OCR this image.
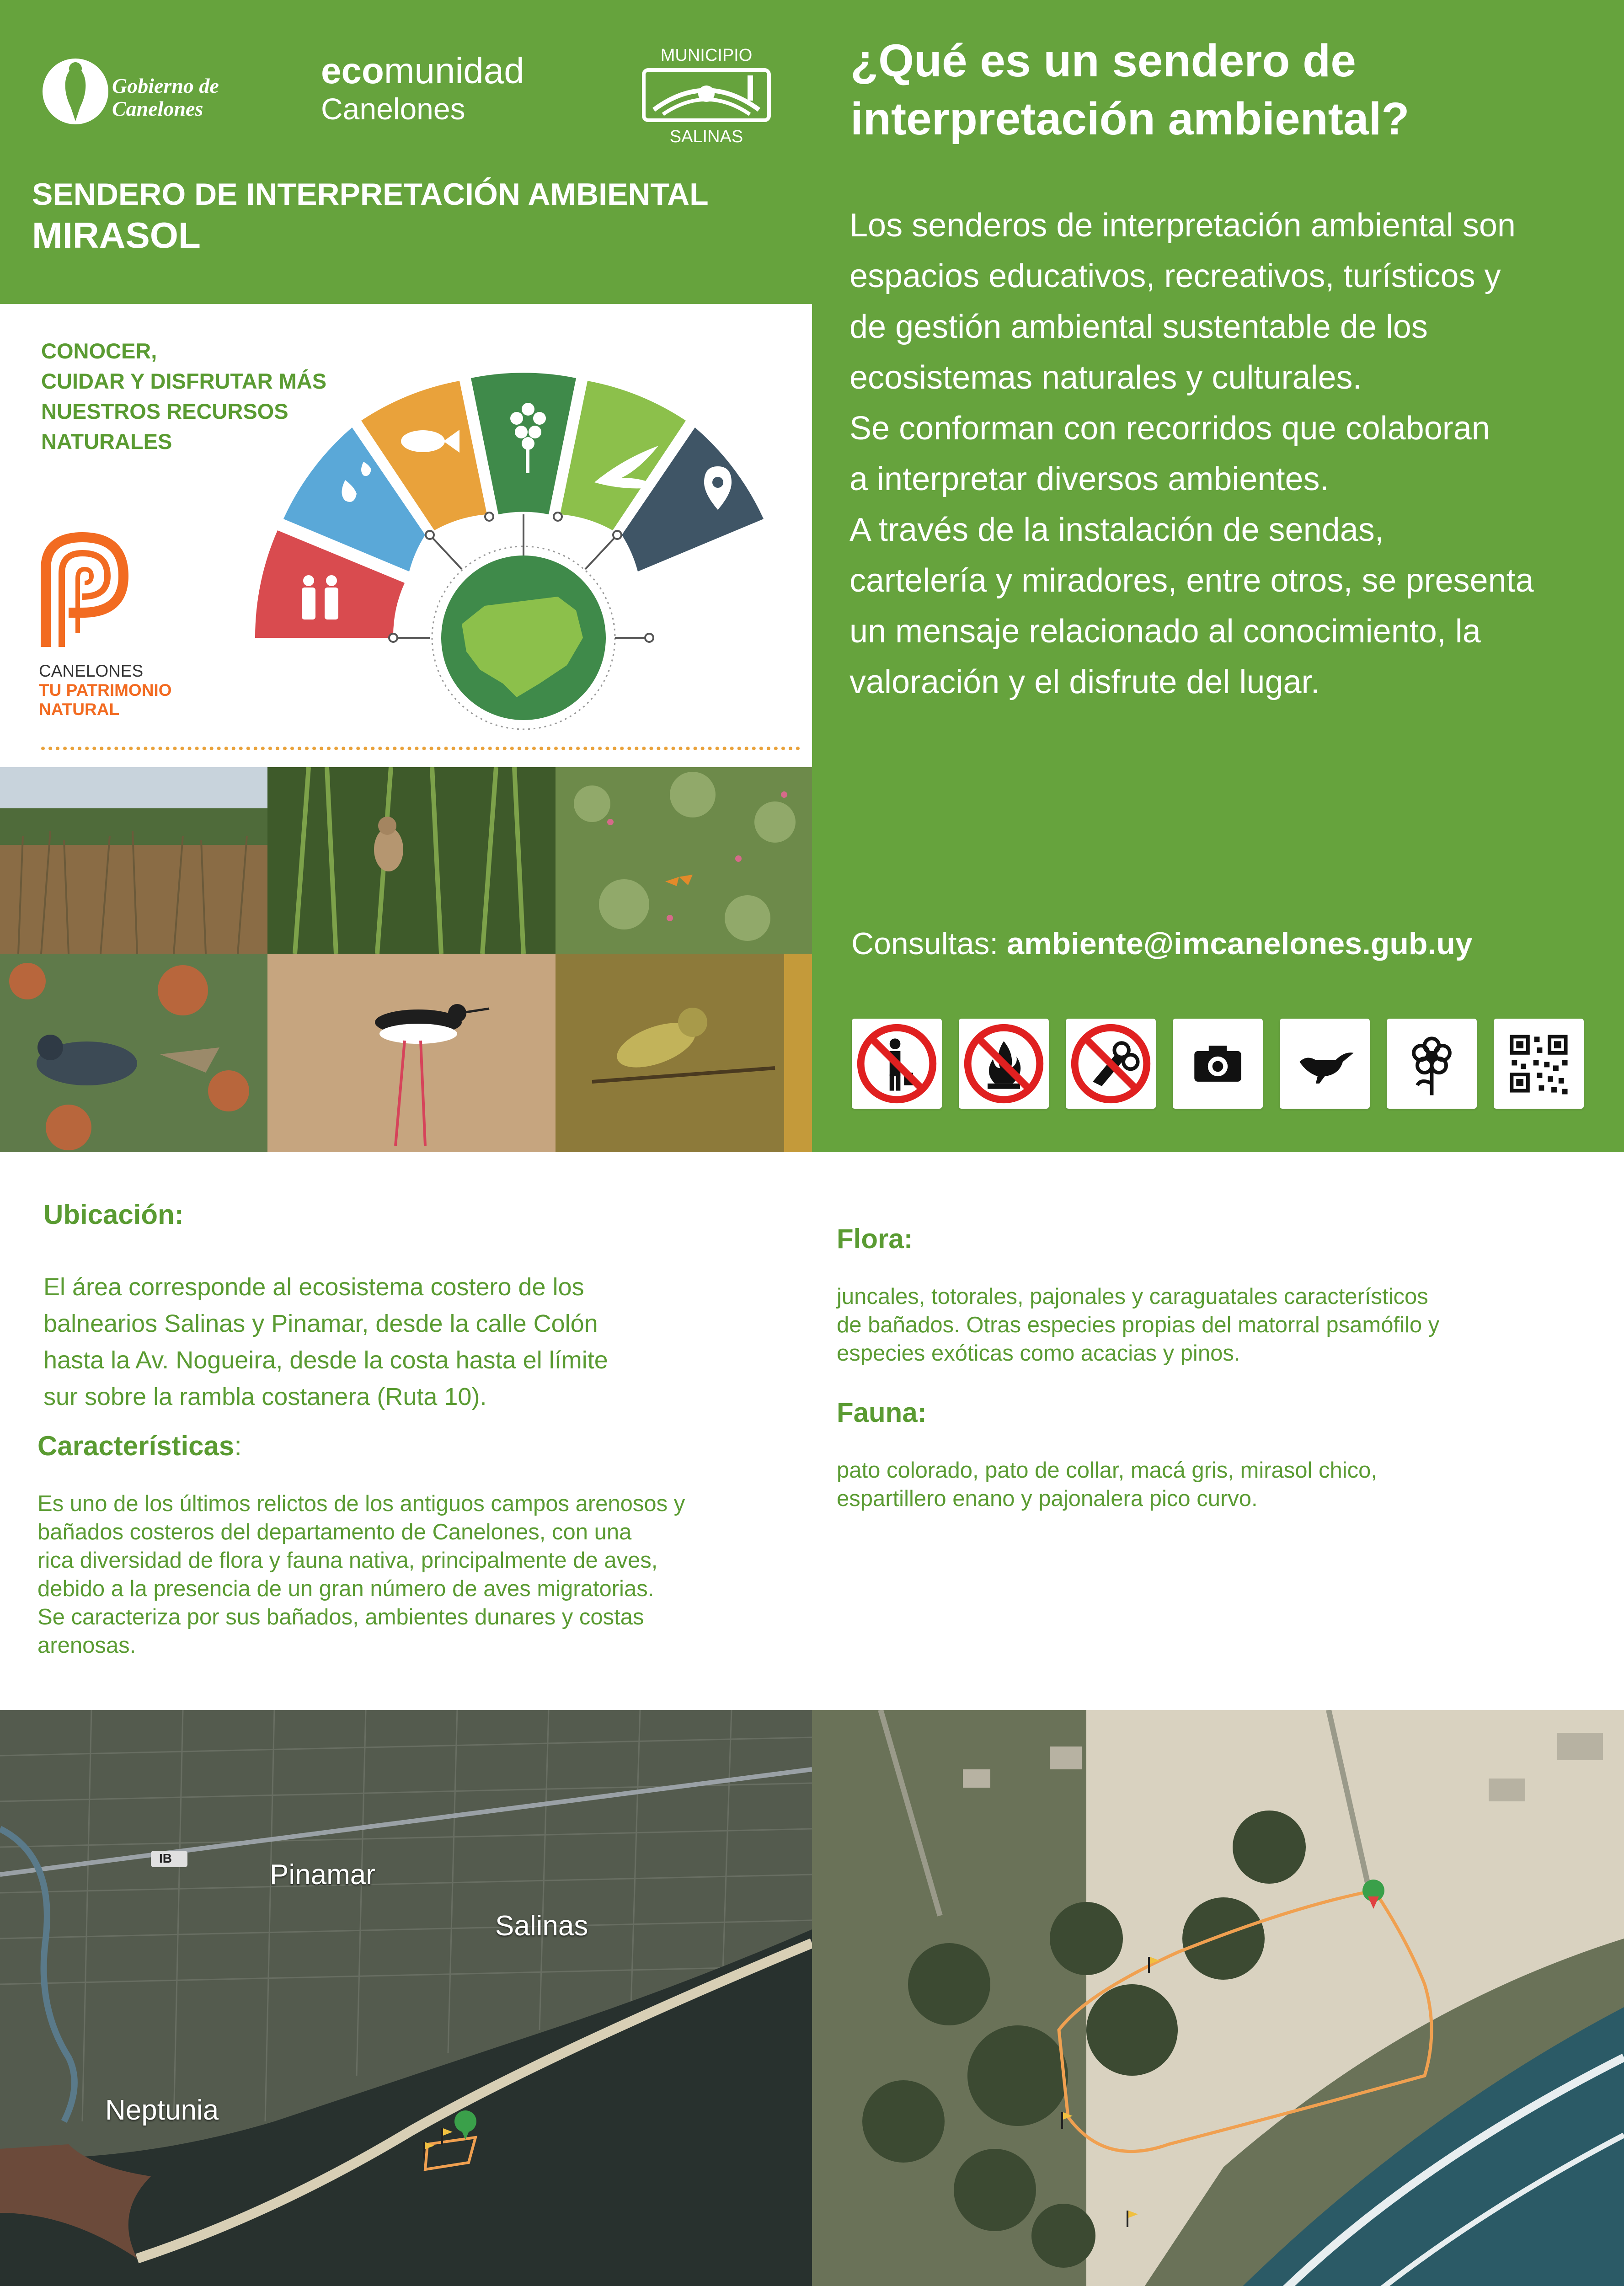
Gobierno de Canelones
ecomunidad
Canelones
MUNICIPIO
SALINAS
SENDERO DE INTERPRETACIÓN AMBIENTAL
MIRASOL
CONOCER,
CUIDAR Y DISFRUTAR MÁS
NUESTROS RECURSOS
NATURALES
CANELONES
TU PATRIMONIO
NATURAL
¿Qué es un sendero de
interpretación ambiental?
Los senderos de interpretación ambiental son
espacios educativos, recreativos, turísticos y
de gestión ambiental sustentable de los
ecosistemas naturales y culturales.
Se conforman con recorridos que colaboran
a interpretar diversos ambientes.
A través de la instalación de sendas,
cartelería y miradores, entre otros, se presenta
un mensaje relacionado al conocimiento, la
valoración y el disfrute del lugar.
Consultas: ambiente@imcanelones.gub.uy
Ubicación:
El área corresponde al ecosistema costero de los
balnearios Salinas y Pinamar, desde la calle Colón
hasta la Av. Nogueira, desde la costa hasta el límite
sur sobre la rambla costanera (Ruta 10).
Características:
Es uno de los últimos relictos de los antiguos campos arenosos y
bañados costeros del departamento de Canelones, con una
rica diversidad de flora y fauna nativa, principalmente de aves,
debido a la presencia de un gran número de aves migratorias.
Se caracteriza por sus bañados, ambientes dunares y costas
arenosas.
Flora:
juncales, totorales, pajonales y caraguatales característicos
de bañados. Otras especies propias del matorral psamófilo y
especies exóticas como acacias y pinos.
Fauna:
pato colorado, pato de collar, macá gris, mirasol chico,
espartillero enano y pajonalera pico curvo.
IB
Pinamar
Salinas
Neptunia
